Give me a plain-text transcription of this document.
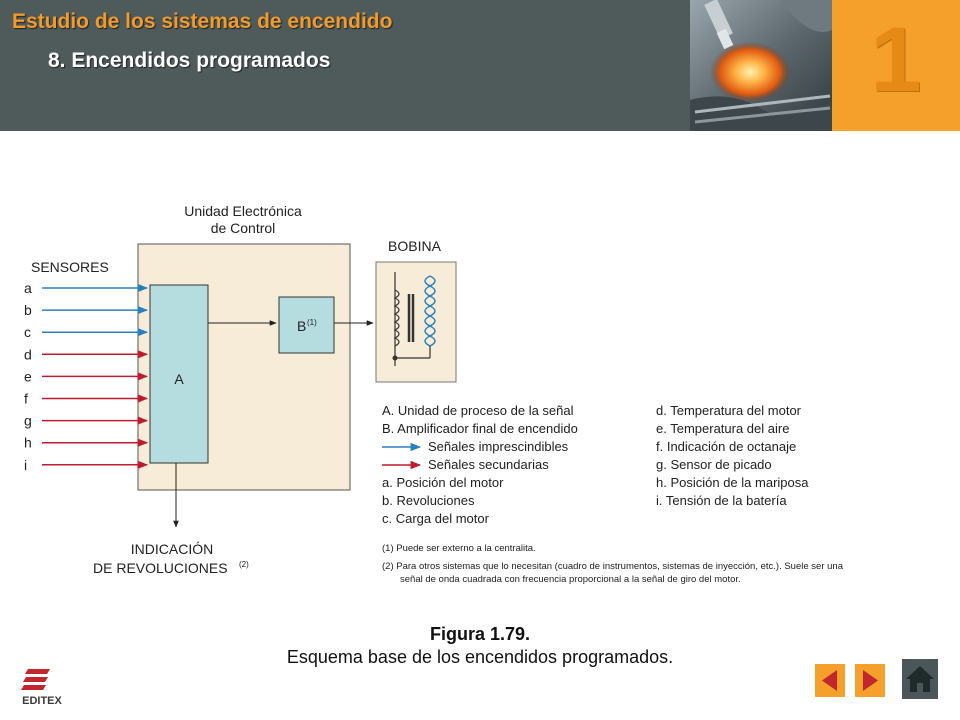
Estudio de los sistemas de encendido
8. Encendidos programados	1
Unidad Electrónica
de Control
A
B (1)
SENSORES
a
b
c
d
e
f
g
h
i
INDICACIÓN
DE REVOLUCIONES (2)
BOBINA
A. Unidad de proceso de la señal
B. Amplificador final de encendido
Señales imprescindibles
Señales secundarias
a. Posición del motor
b. Revoluciones
c. Carga del motor
d. Temperatura del motor
e. Temperatura del aire
f. Indicación de octanaje
g. Sensor de picado
h. Posición de la mariposa
i. Tensión de la batería
(1) Puede ser externo a la centralita.
(2) Para otros sistemas que lo necesitan (cuadro de instrumentos, sistemas de inyección, etc.). Suele ser una
señal de onda cuadrada con frecuencia proporcional a la señal de giro del motor.
Figura 1.79.
Esquema base de los encendidos programados.
EDITEX
